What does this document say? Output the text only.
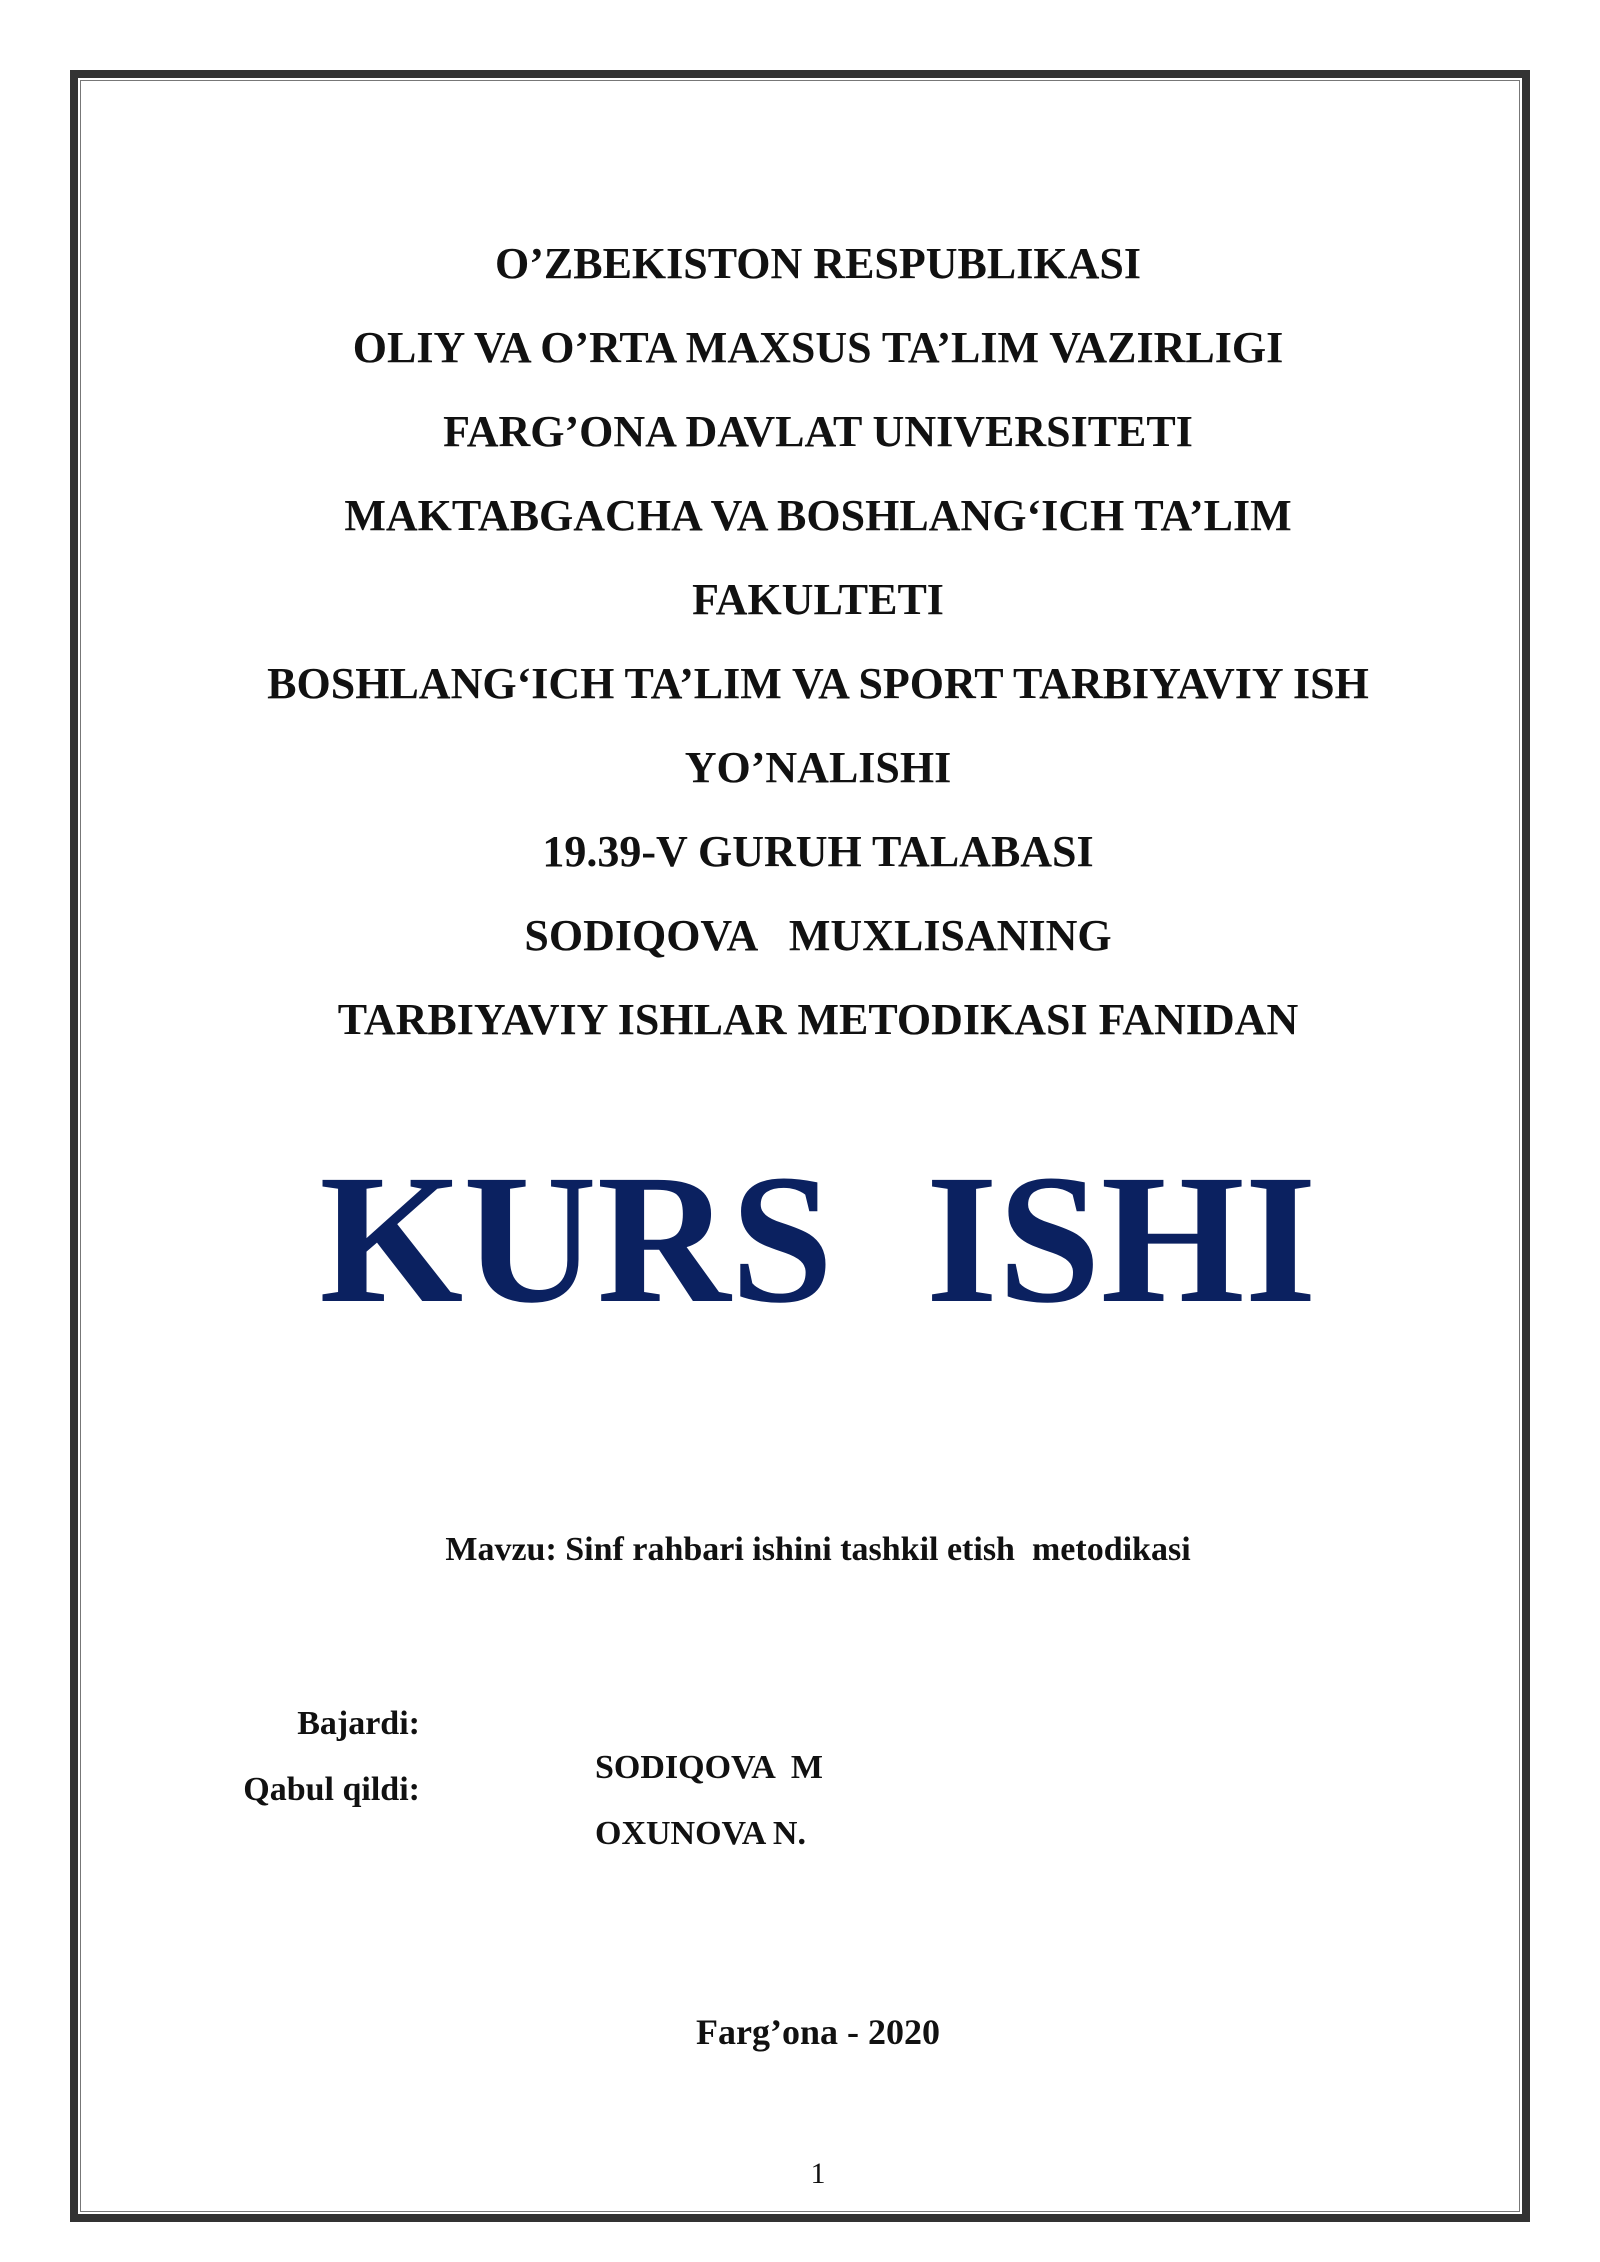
O’ZBEKISTON RESPUBLIKASI
OLIY VA O’RTA MAXSUS TA’LIM VAZIRLIGI
FARG’ONA DAVLAT UNIVERSITETI
MAKTABGACHA VA BOSHLANG‘ICH TA’LIM
FAKULTETI
BOSHLANG‘ICH TA’LIM VA SPORT TARBIYAVIY ISH
YO’NALISHI
19.39-V GURUH TALABASI
SODIQOVA   MUXLISANING
TARBIYAVIY ISHLAR METODIKASI FANIDAN
KURS  ISHI
Mavzu: Sinf rahbari ishini tashkil etish  metodikasi

Bajardi:

SODIQOVA  M

Qabul qildi:

OXUNOVA N.

Farg’ona - 2020
1
